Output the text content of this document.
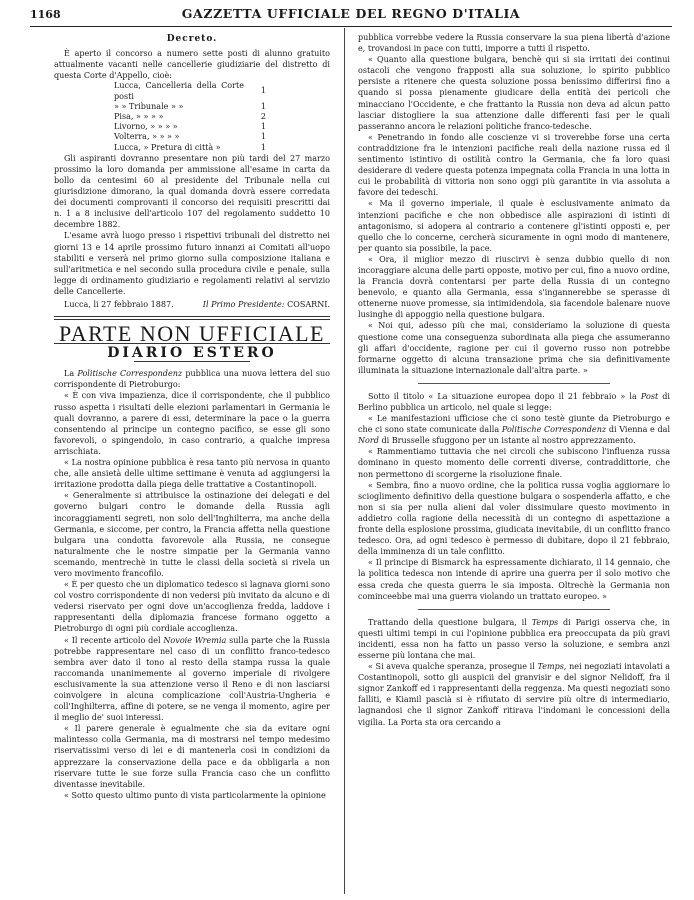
1168	GAZZETTA UFFICIALE DEL REGNO D'ITALIA
Decreto.

È aperto il concorso a numero sette posti di alunno gratuito attualmente vacanti nelle cancellerie giudiziarie del distretto di questa Corte d'Appello, cioè:

Lucca, Cancelleria della Corte posti	1	
» » Tribunale » »	1	
Pisa, » » » »	2	
Livorno, » » » »	1	
Volterra, » » » »	1	
Lucca, » Pretura di città »	1	

Gli aspiranti dovranno presentare non più tardi del 27 marzo prossimo la loro domanda per ammissione all'esame in carta da bollo da centesimi 60 al presidente del Tribunale nella cui giurisdizione dimorano, la qual domanda dovrà essere corredata dei documenti comprovanti il concorso dei requisiti prescritti dai n. 1 a 8 inclusive dell'articolo 107 del regolamento suddetto 10 decembre 1882.

L'esame avrà luogo presso i rispettivi tribunali del distretto nei giorni 13 e 14 aprile prossimo futuro innanzi ai Comitati all'uopo stabiliti e verserà nel primo giorno sulla composizione italiana e sull'aritmetica e nel secondo sulla procedura civile e penale, sulla legge di ordinamento giudiziario e regolamenti relativi al servizio delle Cancellerie.

Lucca, li 27 febbraio 1887.	Il Primo Presidente: COSARNI.
PARTE NON UFFICIALE
DIARIO ESTERO

La Politische Correspondenz pubblica una nuova lettera del suo corrispondente di Pietroburgo:

« È con viva impazienza, dice il corrispondente, che il pubblico russo aspetta i risultati delle elezioni parlamentari in Germania le quali dovranno, a parere di essi, determinare la pace o la guerra consentendo al principe un contegno pacifico, se esse gli sono favorevoli, o spingendolo, in caso contrario, a qualche impresa arrischiata.

« La nostra opinione pubblica è resa tanto più nervosa in quanto che, alle ansietà delle ultime settimane è venuta ad aggiungersi la irritazione prodotta dalla piega delle trattative a Costantinopoli.

« Generalmente si attribuisce la ostinazione dei delegati e del governo bulgari contro le domande della Russia agli incoraggiamenti segreti, non solo dell'Inghilterra, ma anche della Germania, e siccome, per contro, la Francia affetta nella questione bulgara una condotta favorevole alla Russia, ne consegue naturalmente che le nostre simpatie per la Germania vanno scemando, mentrechè in tutte le classi della società si rivela un vero movimento francofilo.

« È per questo che un diplomatico tedesco si lagnava giorni sono col vostro corrispondente di non vedersi più invitato da alcuno e di vedersi riservato per ogni dove un'accoglienza fredda, laddove i rappresentanti della diplomazia francese formano oggetto a Pietroburgo di ogni più cordiale accoglienza.

« Il recente articolo del Novoie Wremia sulla parte che la Russia potrebbe rappresentare nel caso di un conflitto franco-tedesco sembra aver dato il tono al resto della stampa russa la quale raccomanda unanimemente al governo imperiale di rivolgere esclusivamente la sua attenzione verso il Reno e di non lasciarsi coinvolgere in alcuna complicazione coll'Austria-Ungheria e coll'Inghilterra, affine di potere, se ne venga il momento, agire per il meglio de' suoi interessi.

« Il parere generale è egualmente che sia da evitare ogni malintesso colla Germania, ma di mostrarsi nel tempo medesimo riservatissimi verso di lei e di mantenerla così in condizioni da apprezzare la conservazione della pace e da obbligarla a non riservare tutte le sue forze sulla Francia caso che un conflitto diventasse inevitabile.

« Sotto questo ultimo punto di vista particolarmente la opinione

pubblica vorrebbe vedere la Russia conservare la sua piena libertà d'azione e, trovandosi in pace con tutti, imporre a tutti il rispetto.

« Quanto alla questione bulgara, benchè qui si sia irritati dei continui ostacoli che vengono frapposti alla sua soluzione, lo spirito pubblico persiste a ritenere che questa soluzione possa benissimo differirsi fino a quando si possa pienamente giudicare della entità dei pericoli che minacciano l'Occidente, e che frattanto la Russia non deva ad alcun patto lasciar distogliere la sua attenzione dalle differenti fasi per le quali passeranno ancora le relazioni politiche franco-tedesche.

« Penetrando in fondo alle coscienze vi si troverebbe forse una certa contraddizione fra le intenzioni pacifiche reali della nazione russa ed il sentimento istintivo di ostilità contro la Germania, che fa loro quasi desiderare di vedere questa potenza impegnata colla Francia in una lotta in cui le probabilità di vittoria non sono oggi più garantite in via assoluta a favore dei tedeschi.

« Ma il governo imperiale, il quale è esclusivamente animato da intenzioni pacifiche e che non obbedisce alle aspirazioni di istinti di antagonismo, si adopera al contrario a contenere gl'istinti opposti e, per quello che lo concerne, cercherà sicuramente in ogni modo di mantenere, per quanto sia possibile, la pace.

« Ora, il miglior mezzo di riuscirvi è senza dubbio quello di non incoraggiare alcuna delle parti opposte, motivo per cui, fino a nuovo ordine, la Francia dovrà contentarsi per parte della Russia di un contegno benevolo, e quanto alla Germania, essa s'ingannerebbe se sperasse di ottenerne nuove promesse, sia intimidendola, sia facendole balenare nuove lusinghe di appoggio nella questione bulgara.

« Noi qui, adesso più che mai, consideriamo la soluzione di questa questione come una conseguenza subordinata alla piega che assumeranno gli affari d'occidente, ragione per cui il governo russo non potrebbe formarne oggetto di alcuna transazione prima che sia definitivamente illuminata la situazione internazionale dall'altra parte. »

Sotto il titolo « La situazione europea dopo il 21 febbraio » la Post di Berlino pubblica un articolo, nel quale si legge:

« Le manifestazioni ufficiose che ci sono testè giunte da Pietroburgo e che ci sono state comunicate dalla Politische Correspondenz di Vienna e dal Nord di Brusselle sfuggono per un istante al nostro apprezzamento.

« Rammentiamo tuttavia che nei circoli che subiscono l'influenza russa dominano in questo momento delle correnti diverse, contraddittorie, che non permettono di scorgerne la risoluzione finale.

« Sembra, fino a nuovo ordine, che la politica russa voglia aggiornare lo scioglimento definitivo della questione bulgara o sospenderla affatto, e che non si sia per nulla alieni dal voler dissimulare questo movimento in addietro colla ragione della necessità di un contegno di aspettazione a fronte della esplosione prossima, giudicata inevitabile, di un conflitto franco tedesco. Ora, ad ogni tedesco è permesso di dubitare, dopo il 21 febbraio, della imminenza di un tale conflitto.

« Il principe di Bismarck ha espressamente dichiarato, il 14 gennaio, che la politica tedesca non intende di aprire una guerra per il solo motivo che essa creda che questa guerra le sia imposta. Oltrechè la Germania non cominceebbe mai una guerra violando un trattato europeo. »

Trattando della questione bulgara, il Temps di Parigi osserva che, in questi ultimi tempi in cui l'opinione pubblica era preoccupata da più gravi incidenti, essa non ha fatto un passo verso la soluzione, e sembra anzi esserne più lontana che mai.

« Si aveva qualche speranza, prosegue il Temps, nei negoziati intavolati a Costantinopoli, sotto gli auspicii del granvisir e del signor Nelidoff, fra il signor Zankoff ed i rappresentanti della reggenza. Ma questi negoziati sono falliti, e Kiamil pascià si è rifiutato di servire più oltre di intermediario, lagnandosi che il signor Zankoff ritirava l'indomani le concessioni della vigilia. La Porta sta ora cercando a
